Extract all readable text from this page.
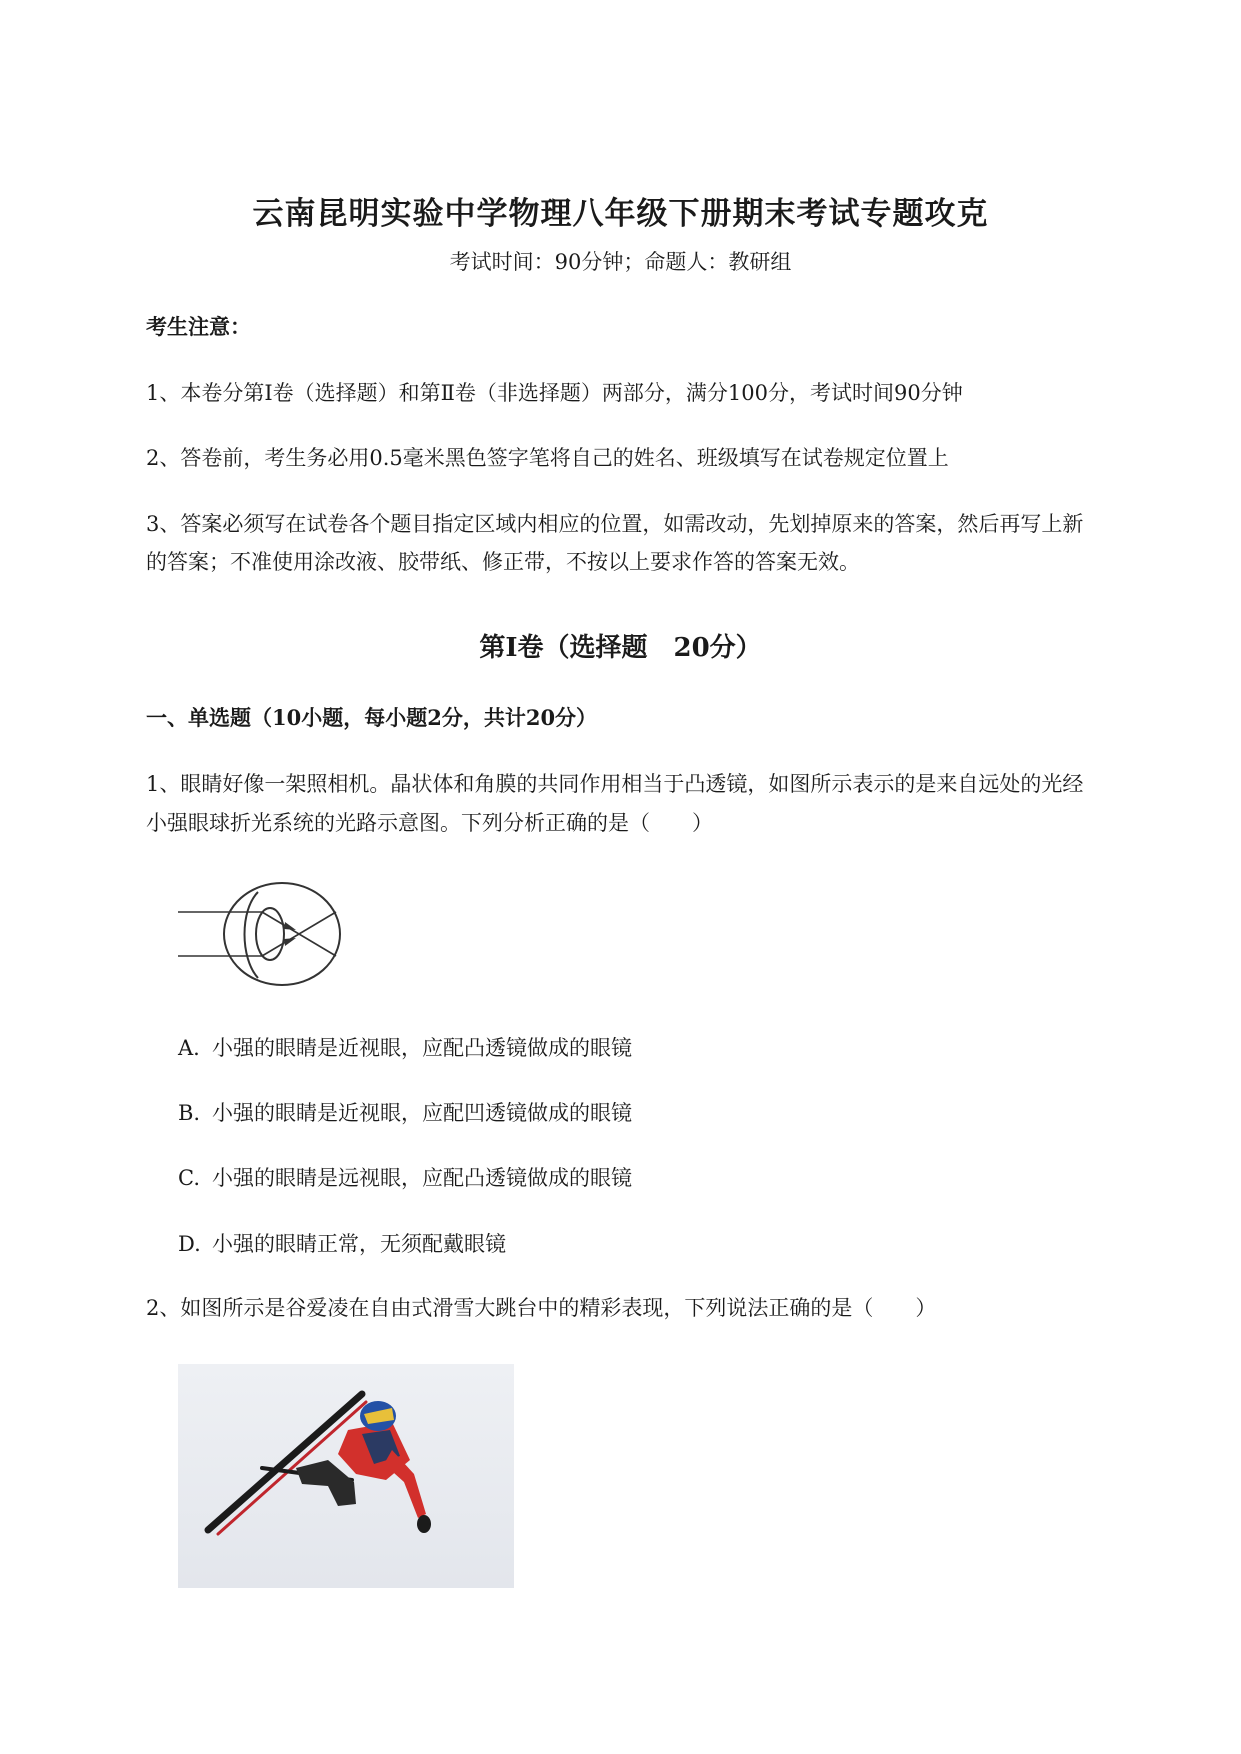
云南昆明实验中学物理八年级下册期末考试专题攻克
考试时间：90分钟；命题人：教研组
考生注意：
1、本卷分第I卷（选择题）和第Ⅱ卷（非选择题）两部分，满分100分，考试时间90分钟
2、答卷前，考生务必用0.5毫米黑色签字笔将自己的姓名、班级填写在试卷规定位置上
3、答案必须写在试卷各个题目指定区域内相应的位置，如需改动，先划掉原来的答案，然后再写上新
的答案；不准使用涂改液、胶带纸、修正带，不按以上要求作答的答案无效。
第I卷（选择题　20分）
一、单选题（10小题，每小题2分，共计20分）
1、眼睛好像一架照相机。晶状体和角膜的共同作用相当于凸透镜，如图所示表示的是来自远处的光经
小强眼球折光系统的光路示意图。下列分析正确的是（　　）
A. 小强的眼睛是近视眼，应配凸透镜做成的眼镜
B. 小强的眼睛是近视眼，应配凹透镜做成的眼镜
C. 小强的眼睛是远视眼，应配凸透镜做成的眼镜
D. 小强的眼睛正常，无须配戴眼镜
2、如图所示是谷爱凌在自由式滑雪大跳台中的精彩表现，下列说法正确的是（　　）
